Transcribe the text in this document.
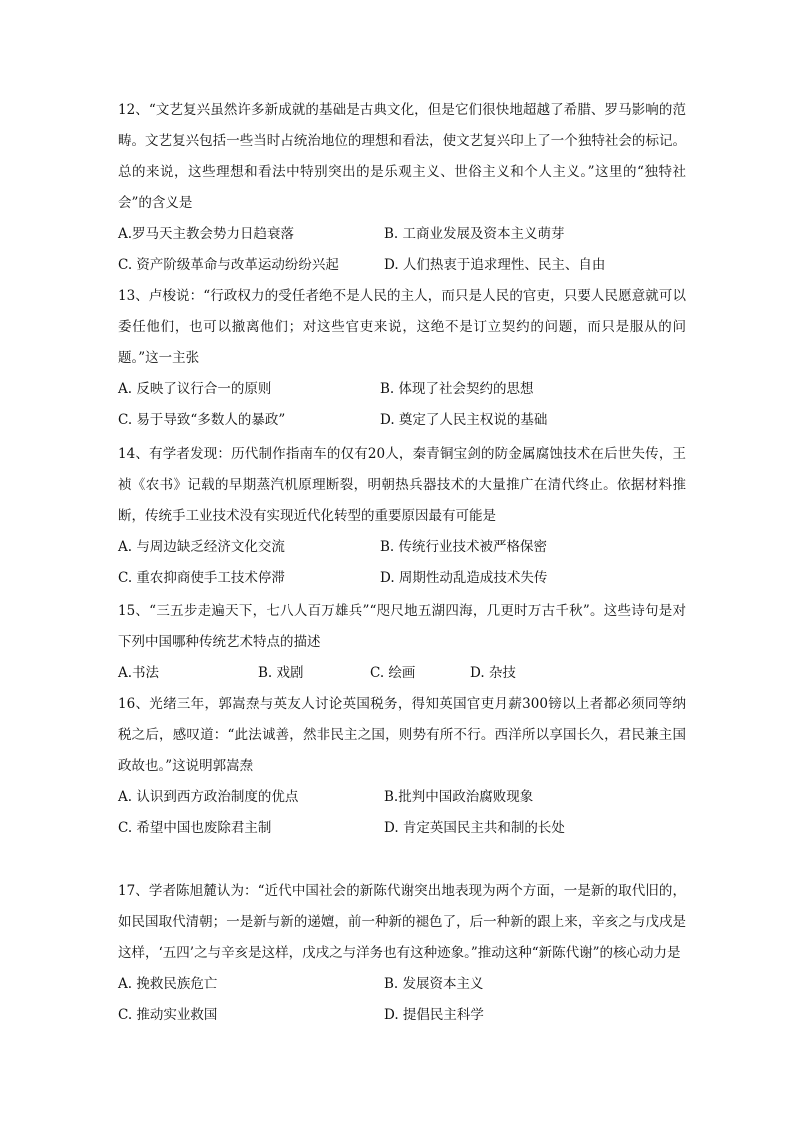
12、“文艺复兴虽然许多新成就的基础是古典文化，但是它们很快地超越了希腊、罗马影响的范畴。文艺复兴包括一些当时占统治地位的理想和看法，使文艺复兴印上了一个独特社会的标记。总的来说，这些理想和看法中特别突出的是乐观主义、世俗主义和个人主义。”这里的“独特社会”的含义是

A.罗马天主教会势力日趋衰落	B. 工商业发展及资本主义萌芽
C. 资产阶级革命与改革运动纷纷兴起	D. 人们热衷于追求理性、民主、自由

13、卢梭说：“行政权力的受任者绝不是人民的主人，而只是人民的官吏，只要人民愿意就可以委任他们，也可以撤离他们；对这些官吏来说，这绝不是订立契约的问题，而只是服从的问题。”这一主张

A. 反映了议行合一的原则	B. 体现了社会契约的思想
C. 易于导致“多数人的暴政”	D. 奠定了人民主权说的基础

14、有学者发现：历代制作指南车的仅有20人，秦青铜宝剑的防金属腐蚀技术在后世失传，王祯《农书》记载的早期蒸汽机原理断裂，明朝热兵器技术的大量推广在清代终止。依据材料推断，传统手工业技术没有实现近代化转型的重要原因最有可能是

A. 与周边缺乏经济文化交流	B. 传统行业技术被严格保密
C. 重农抑商使手工技术停滞	D. 周期性动乱造成技术失传

15、“三五步走遍天下，七八人百万雄兵”“咫尺地五湖四海，几更时万古千秋”。这些诗句是对下列中国哪种传统艺术特点的描述

A.书法	B. 戏剧	C. 绘画	D. 杂技

16、光绪三年，郭嵩焘与英友人讨论英国税务，得知英国官吏月薪300镑以上者都必须同等纳税之后，感叹道：“此法诚善，然非民主之国，则势有所不行。西洋所以享国长久，君民兼主国政故也。”这说明郭嵩焘

A. 认识到西方政治制度的优点	B.批判中国政治腐败现象
C. 希望中国也废除君主制	D. 肯定英国民主共和制的长处

17、学者陈旭麓认为：“近代中国社会的新陈代谢突出地表现为两个方面，一是新的取代旧的，如民国取代清朝；一是新与新的递嬗，前一种新的褪色了，后一种新的跟上来，辛亥之与戊戌是这样，‘五四’之与辛亥是这样，戊戌之与洋务也有这种迹象。”推动这种“新陈代谢”的核心动力是

A. 挽救民族危亡	B. 发展资本主义
C. 推动实业救国	D. 提倡民主科学
